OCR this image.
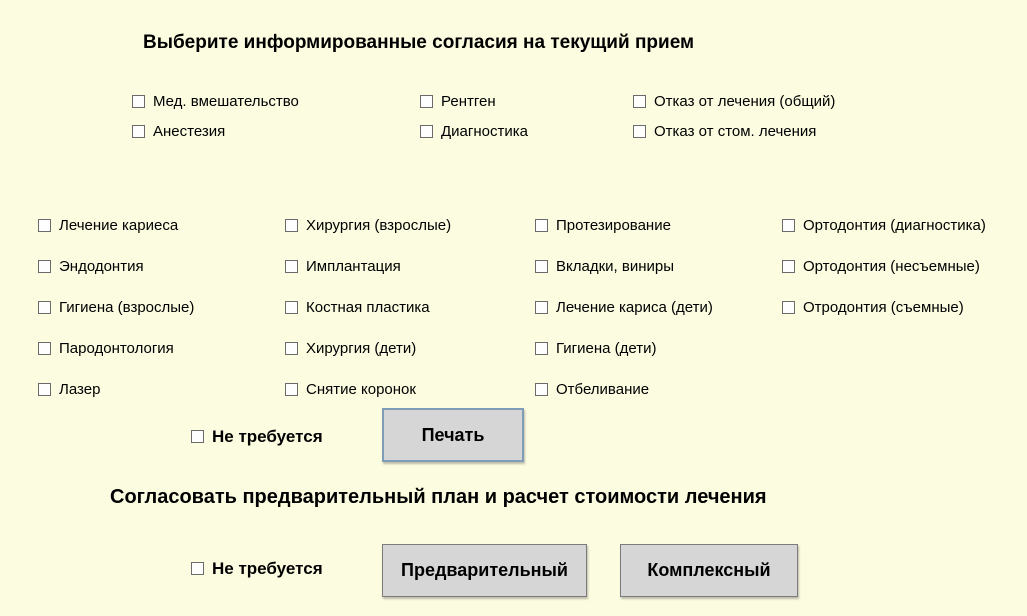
Выберите информированные согласия на текущий прием
Мед. вмешательство
Анестезия
Рентген
Диагностика
Отказ от лечения (общий)
Отказ от стом. лечения
Лечение кариеса
Эндодонтия
Гигиена (взрослые)
Пародонтология
Лазер
Хирургия (взрослые)
Имплантация
Костная пластика
Хирургия (дети)
Снятие коронок
Протезирование
Вкладки, виниры
Лечение кариса (дети)
Гигиена (дети)
Отбеливание
Ортодонтия (диагностика)
Ортодонтия (несъемные)
Отродонтия (съемные)
Не требуется	Печать
Согласовать предварительный план и расчет стоимости лечения
Не требуется	Предварительный	Комплексный
